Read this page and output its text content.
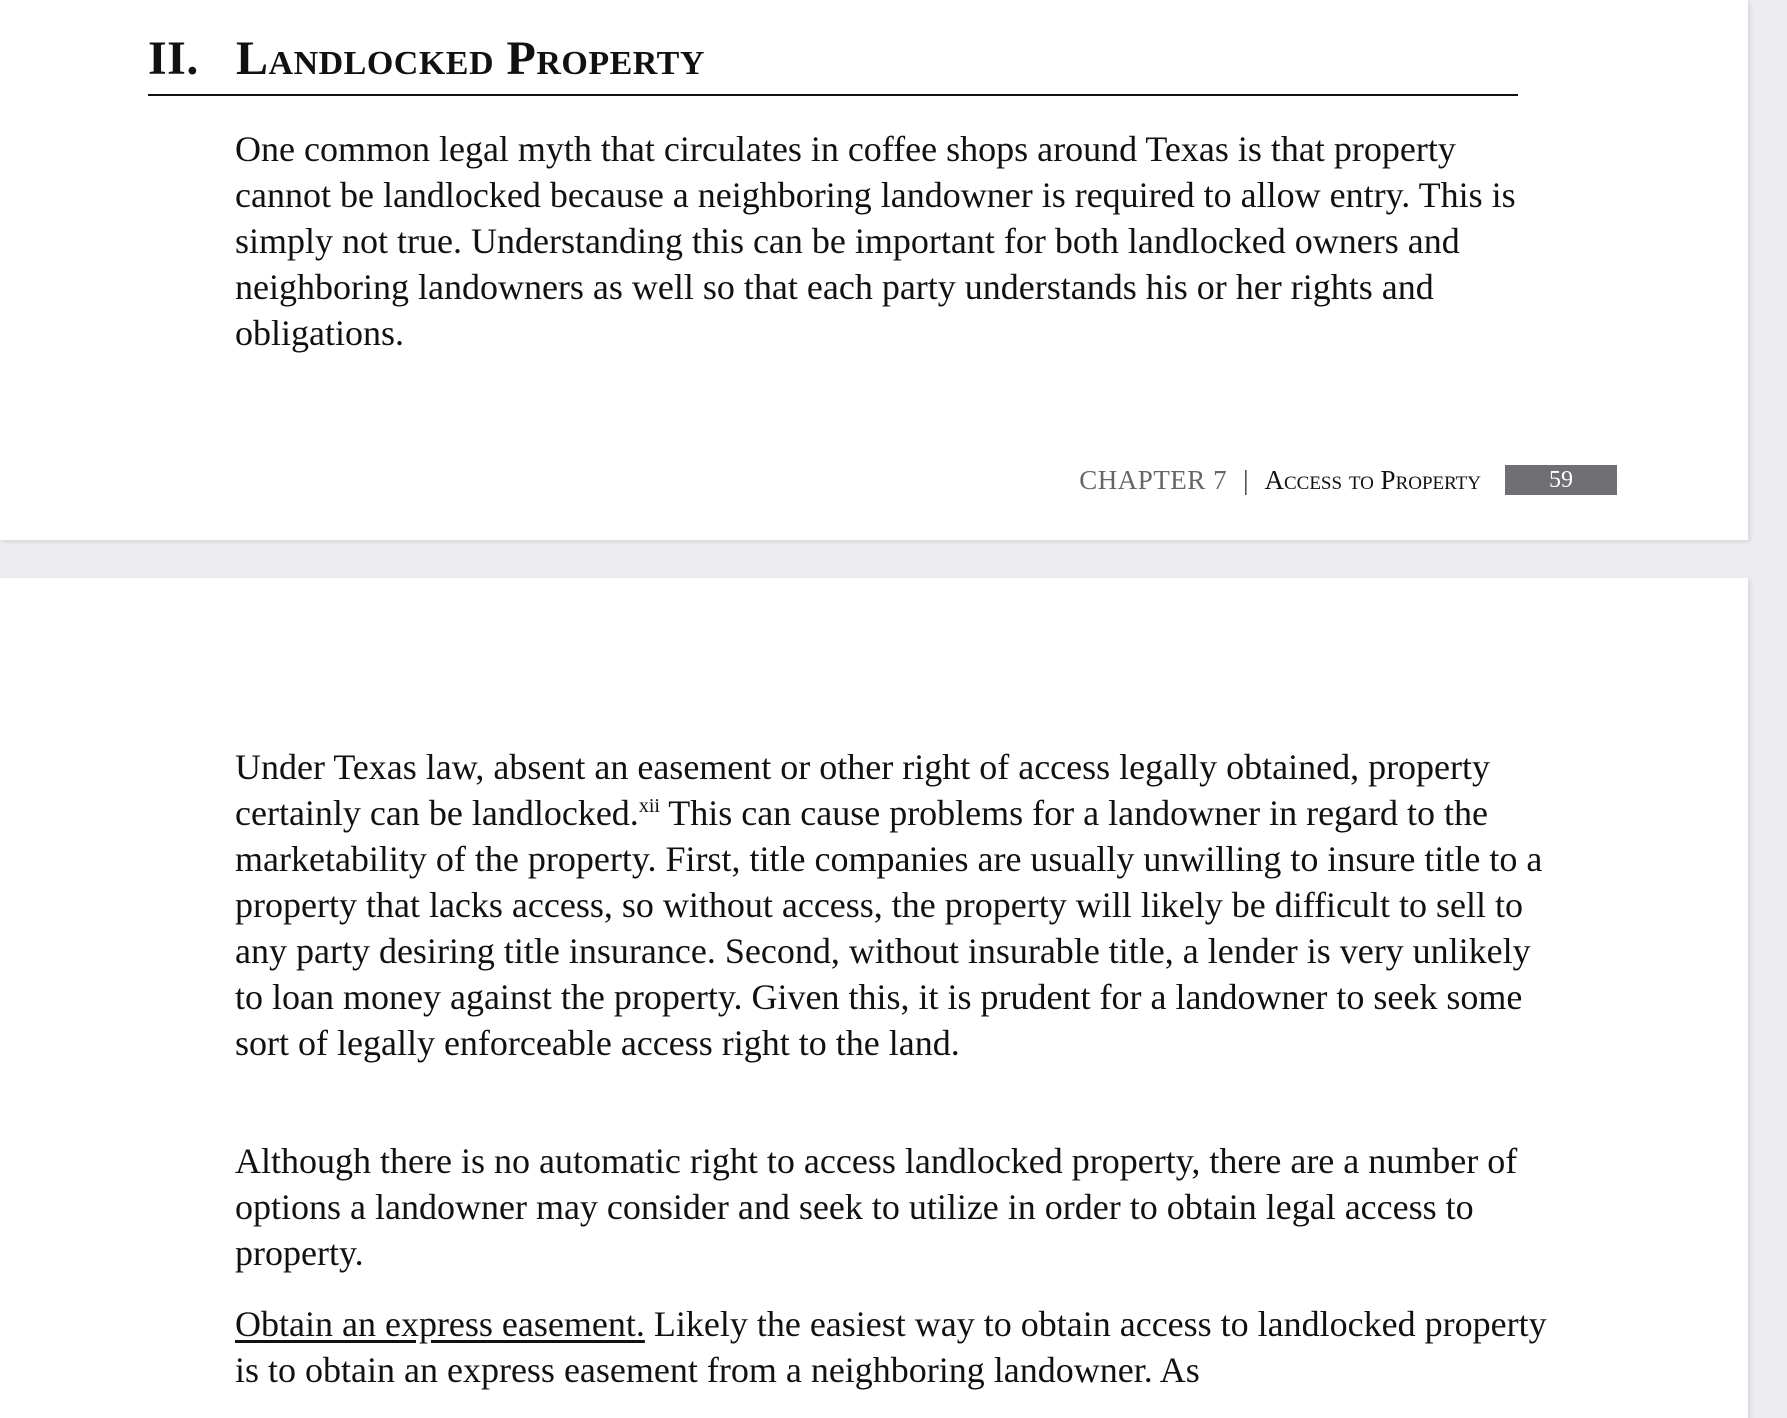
II. Landlocked Property

One common legal myth that circulates in coffee shops around Texas is that property cannot be landlocked because a neighboring landowner is required to allow entry. This is simply not true. Understanding this can be important for both landlocked owners and neighboring landowners as well so that each party understands his or her rights and obligations.

CHAPTER 7 | Access to Property	59

Under Texas law, absent an easement or other right of access legally obtained, property certainly can be landlocked.$^{xii}$ This can cause problems for a landowner in regard to the marketability of the property. First, title companies are usually unwilling to insure title to a property that lacks access, so without access, the property will likely be difficult to sell to any party desiring title insurance. Second, without insurable title, a lender is very unlikely to loan money against the property. Given this, it is prudent for a landowner to seek some sort of legally enforceable access right to the land.

Although there is no automatic right to access landlocked property, there are a number of options a landowner may consider and seek to utilize in order to obtain legal access to property.

Obtain an express easement. Likely the easiest way to obtain access to landlocked property is to obtain an express easement from a neighboring landowner. As
